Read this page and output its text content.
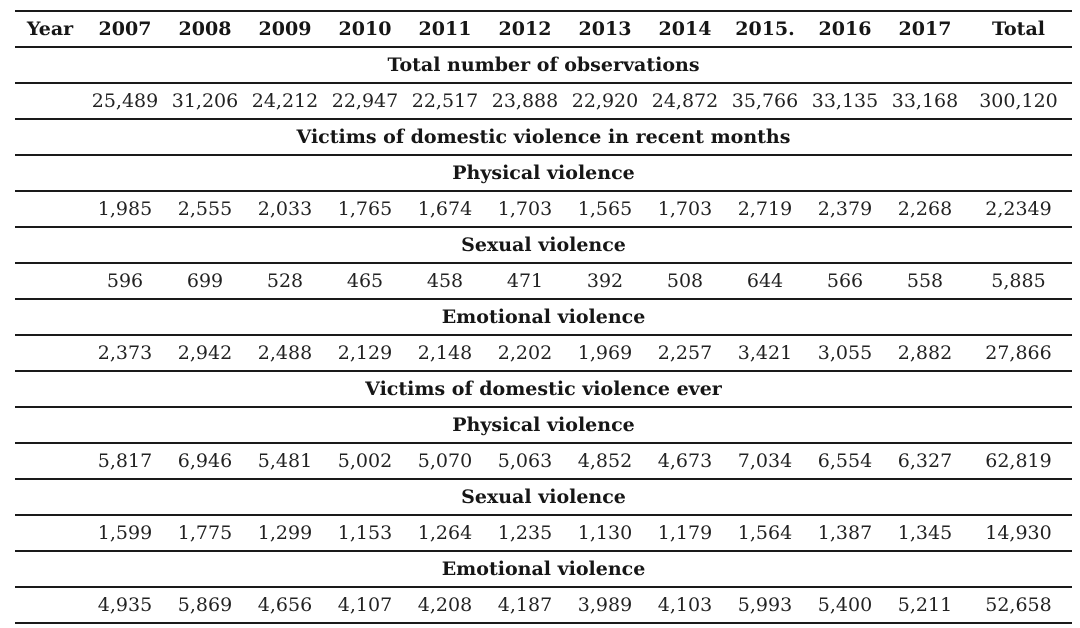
Year	2007	2008	2009	2010	2011	2012	2013	2014	2015.	2016	2017	Total
Total number of observations												
	25,489	31,206	24,212	22,947	22,517	23,888	22,920	24,872	35,766	33,135	33,168	300,120
Victims of domestic violence in recent months												
Physical violence												
	1,985	2,555	2,033	1,765	1,674	1,703	1,565	1,703	2,719	2,379	2,268	2,2349
Sexual violence												
	596	699	528	465	458	471	392	508	644	566	558	5,885
Emotional violence												
	2,373	2,942	2,488	2,129	2,148	2,202	1,969	2,257	3,421	3,055	2,882	27,866
Victims of domestic violence ever												
Physical violence												
	5,817	6,946	5,481	5,002	5,070	5,063	4,852	4,673	7,034	6,554	6,327	62,819
Sexual violence												
	1,599	1,775	1,299	1,153	1,264	1,235	1,130	1,179	1,564	1,387	1,345	14,930
Emotional violence												
	4,935	5,869	4,656	4,107	4,208	4,187	3,989	4,103	5,993	5,400	5,211	52,658
